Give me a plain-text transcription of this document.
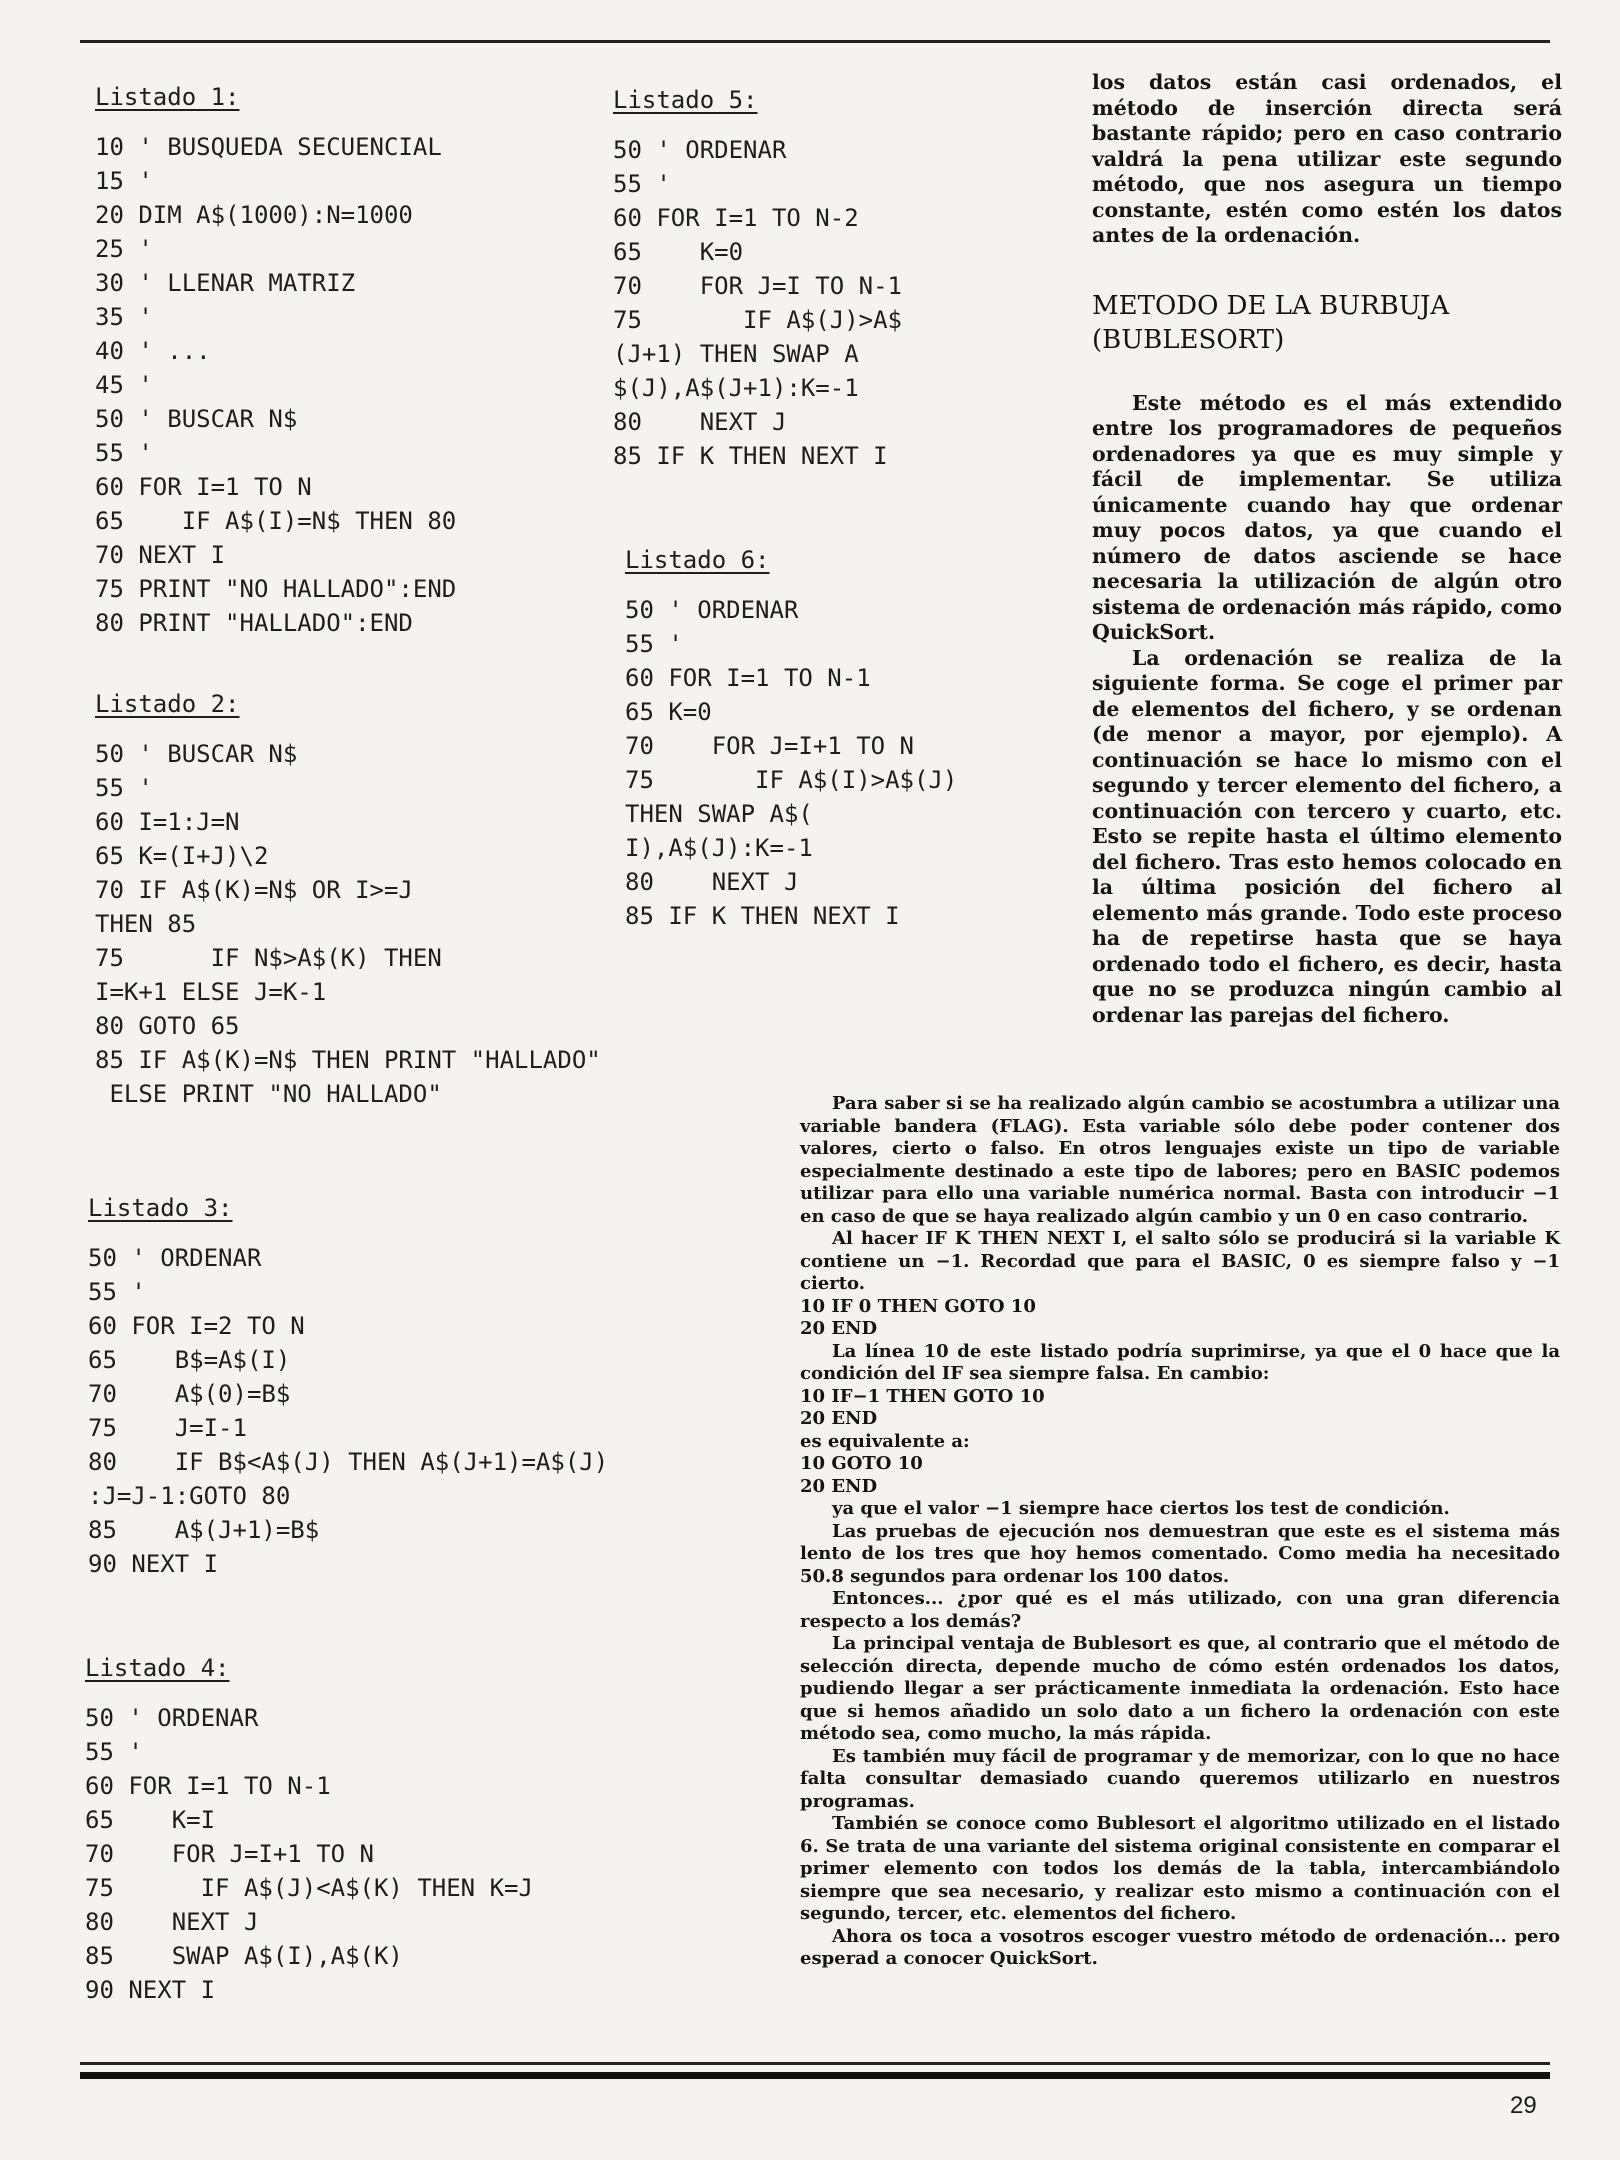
Listado 1:
10 ' BUSQUEDA SECUENCIAL
15 '
20 DIM A$(1000):N=1000
25 '
30 ' LLENAR MATRIZ
35 '
40 ' ...
45 '
50 ' BUSCAR N$
55 '
60 FOR I=1 TO N
65    IF A$(I)=N$ THEN 80
70 NEXT I
75 PRINT "NO HALLADO":END
80 PRINT "HALLADO":END
Listado 2:
50 ' BUSCAR N$
55 '
60 I=1:J=N
65 K=(I+J)\2
70 IF A$(K)=N$ OR I>=J
THEN 85
75      IF N$>A$(K) THEN
I=K+1 ELSE J=K-1
80 GOTO 65
85 IF A$(K)=N$ THEN PRINT "HALLADO"
ELSE PRINT "NO HALLADO"
Listado 3:
50 ' ORDENAR
55 '
60 FOR I=2 TO N
65    B$=A$(I)
70    A$(0)=B$
75    J=I-1
80    IF B$<A$(J) THEN A$(J+1)=A$(J)
:J=J-1:GOTO 80
85    A$(J+1)=B$
90 NEXT I
Listado 4:
50 ' ORDENAR
55 '
60 FOR I=1 TO N-1
65    K=I
70    FOR J=I+1 TO N
75      IF A$(J)<A$(K) THEN K=J
80    NEXT J
85    SWAP A$(I),A$(K)
90 NEXT I
Listado 5:
50 ' ORDENAR
55 '
60 FOR I=1 TO N-2
65    K=0
70    FOR J=I TO N-1
75       IF A$(J)>A$
(J+1) THEN SWAP A
$(J),A$(J+1):K=-1
80    NEXT J
85 IF K THEN NEXT I
Listado 6:
50 ' ORDENAR
55 '
60 FOR I=1 TO N-1
65 K=0
70    FOR J=I+1 TO N
75       IF A$(I)>A$(J)
THEN SWAP A$(
I),A$(J):K=-1
80    NEXT J
85 IF K THEN NEXT I

los datos están casi ordenados, el método de inserción directa será bastante rápido; pero en caso contrario valdrá la pena utilizar este segundo método, que nos asegura un tiempo constante, estén como estén los datos antes de la ordenación.

METODO DE LA BURBUJA (BUBLESORT)

Este método es el más extendido entre los programadores de pequeños ordenadores ya que es muy simple y fácil de implementar. Se utiliza únicamente cuando hay que ordenar muy pocos datos, ya que cuando el número de datos asciende se hace necesaria la utilización de algún otro sistema de ordenación más rápido, como QuickSort.

La ordenación se realiza de la siguiente forma. Se coge el primer par de elementos del fichero, y se ordenan (de menor a mayor, por ejemplo). A continuación se hace lo mismo con el segundo y tercer elemento del fichero, a continuación con tercero y cuarto, etc. Esto se repite hasta el último elemento del fichero. Tras esto hemos colocado en la última posición del fichero al elemento más grande. Todo este proceso ha de repetirse hasta que se haya ordenado todo el fichero, es decir, hasta que no se produzca ningún cambio al ordenar las parejas del fichero.

Para saber si se ha realizado algún cambio se acostumbra a utilizar una variable bandera (FLAG). Esta variable sólo debe poder contener dos valores, cierto o falso. En otros lenguajes existe un tipo de variable especialmente destinado a este tipo de labores; pero en BASIC podemos utilizar para ello una variable numérica normal. Basta con introducir −1 en caso de que se haya realizado algún cambio y un 0 en caso contrario.

Al hacer IF K THEN NEXT I, el salto sólo se producirá si la variable K contiene un −1. Recordad que para el BASIC, 0 es siempre falso y −1 cierto.

10 IF 0 THEN GOTO 10

20 END

La línea 10 de este listado podría suprimirse, ya que el 0 hace que la condición del IF sea siempre falsa. En cambio:

10 IF−1 THEN GOTO 10

20 END

es equivalente a:

10 GOTO 10

20 END

ya que el valor −1 siempre hace ciertos los test de condición.

Las pruebas de ejecución nos demuestran que este es el sistema más lento de los tres que hoy hemos comentado. Como media ha necesitado 50.8 segundos para ordenar los 100 datos.

Entonces... ¿por qué es el más utilizado, con una gran diferencia respecto a los demás?

La principal ventaja de Bublesort es que, al contrario que el método de selección directa, depende mucho de cómo estén ordenados los datos, pudiendo llegar a ser prácticamente inmediata la ordenación. Esto hace que si hemos añadido un solo dato a un fichero la ordenación con este método sea, como mucho, la más rápida.

Es también muy fácil de programar y de memorizar, con lo que no hace falta consultar demasiado cuando queremos utilizarlo en nuestros programas.

También se conoce como Bublesort el algoritmo utilizado en el listado 6. Se trata de una variante del sistema original consistente en comparar el primer elemento con todos los demás de la tabla, intercambiándolo siempre que sea necesario, y realizar esto mismo a continuación con el segundo, tercer, etc. elementos del fichero.

Ahora os toca a vosotros escoger vuestro método de ordenación... pero esperad a conocer QuickSort.

29
